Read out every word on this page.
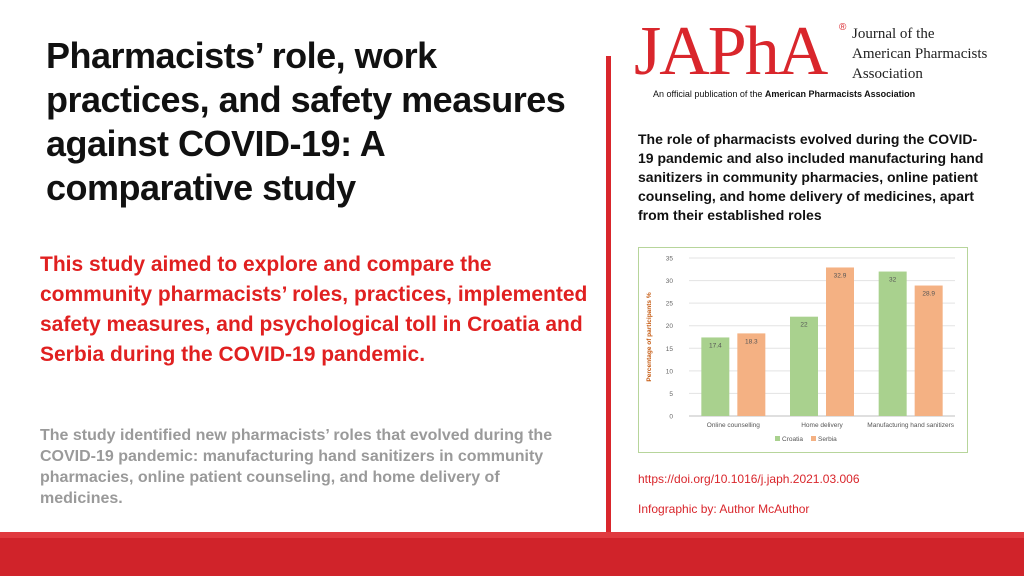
Pharmacists’ role, work practices, and safety measures against COVID-19: A comparative study
This study aimed to explore and compare the community pharmacists’ roles, practices, implemented safety measures, and psychological toll in Croatia and Serbia during the COVID-19 pandemic.
The study identified new pharmacists’ roles that evolved during the COVID-19 pandemic: manufacturing hand sanitizers in community pharmacies, online patient counseling, and home delivery of medicines.
JAPhA ® Journal of the
American Pharmacists
Association
An official publication of the American Pharmacists Association
The role of pharmacists evolved during the COVID-19 pandemic and also included manufacturing hand sanitizers in community pharmacies, online patient counseling, and home delivery of medicines, apart from their established roles
0
5
10
15
20
25
30
35
Percentage of participants %	17.4
18.3
Online counselling
22
32.9
Home delivery
32
28.9
Manufacturing hand sanitizers
Croatia Serbia
https://doi.org/10.1016/j.japh.2021.03.006
Infographic by: Author McAuthor
